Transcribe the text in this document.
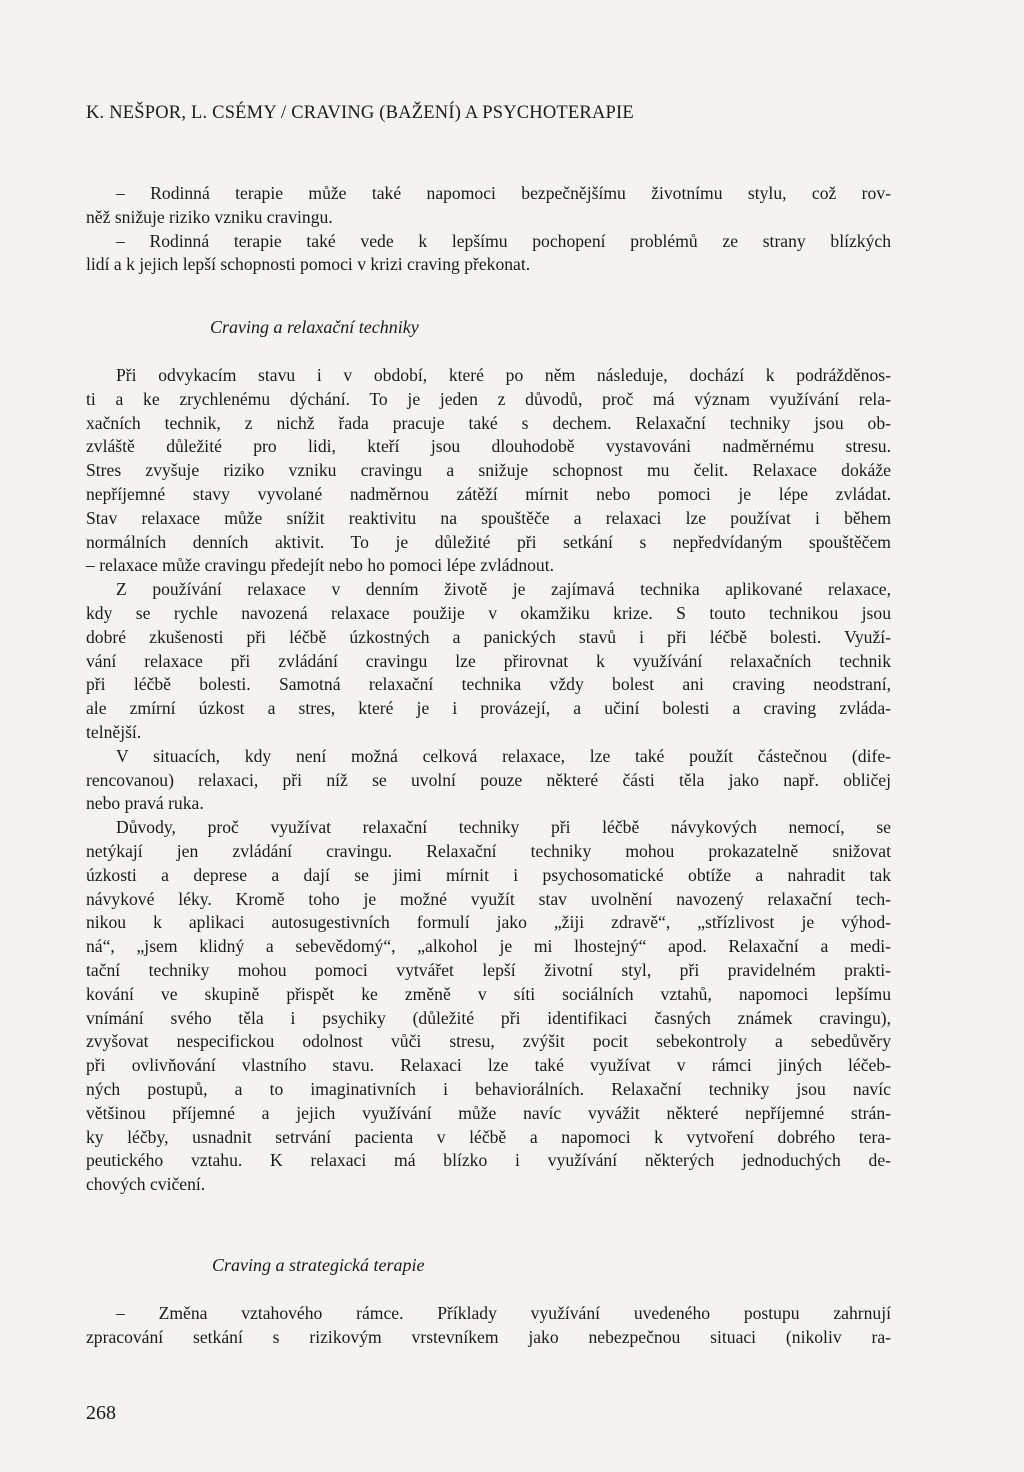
K. NEŠPOR, L. CSÉMY / CRAVING (BAŽENÍ) A PSYCHOTERAPIE
– Rodinná terapie může také napomoci bezpečnějšímu životnímu stylu, což rov-
něž snižuje riziko vzniku cravingu.
– Rodinná terapie také vede k lepšímu pochopení problémů ze strany blízkých
lidí a k jejich lepší schopnosti pomoci v krizi craving překonat.
Craving a relaxační techniky
Při odvykacím stavu i v období, které po něm následuje, dochází k podrážděnos-
ti a ke zrychlenému dýchání. To je jeden z důvodů, proč má význam využívání rela-
xačních technik, z nichž řada pracuje také s dechem. Relaxační techniky jsou ob-
zvláště důležité pro lidi, kteří jsou dlouhodobě vystavováni nadměrnému stresu.
Stres zvyšuje riziko vzniku cravingu a snižuje schopnost mu čelit. Relaxace dokáže
nepříjemné stavy vyvolané nadměrnou zátěží mírnit nebo pomoci je lépe zvládat.
Stav relaxace může snížit reaktivitu na spouštěče a relaxaci lze používat i během
normálních denních aktivit. To je důležité při setkání s nepředvídaným spouštěčem
– relaxace může cravingu předejít nebo ho pomoci lépe zvládnout.
Z používání relaxace v denním životě je zajímavá technika aplikované relaxace,
kdy se rychle navozená relaxace použije v okamžiku krize. S touto technikou jsou
dobré zkušenosti při léčbě úzkostných a panických stavů i při léčbě bolesti. Využí-
vání relaxace při zvládání cravingu lze přirovnat k využívání relaxačních technik
při léčbě bolesti. Samotná relaxační technika vždy bolest ani craving neodstraní,
ale zmírní úzkost a stres, které je i provázejí, a učiní bolesti a craving zvláda-
telnější.
V situacích, kdy není možná celková relaxace, lze také použít částečnou (dife-
rencovanou) relaxaci, při níž se uvolní pouze některé části těla jako např. obličej
nebo pravá ruka.
Důvody, proč využívat relaxační techniky při léčbě návykových nemocí, se
netýkají jen zvládání cravingu. Relaxační techniky mohou prokazatelně snižovat
úzkosti a deprese a dají se jimi mírnit i psychosomatické obtíže a nahradit tak
návykové léky. Kromě toho je možné využít stav uvolnění navozený relaxační tech-
nikou k aplikaci autosugestivních formulí jako „žiji zdravě“, „střízlivost je výhod-
ná“, „jsem klidný a sebevědomý“, „alkohol je mi lhostejný“ apod. Relaxační a medi-
tační techniky mohou pomoci vytvářet lepší životní styl, při pravidelném prakti-
kování ve skupině přispět ke změně v síti sociálních vztahů, napomoci lepšímu
vnímání svého těla i psychiky (důležité při identifikaci časných známek cravingu),
zvyšovat nespecifickou odolnost vůči stresu, zvýšit pocit sebekontroly a sebedůvěry
při ovlivňování vlastního stavu. Relaxaci lze také využívat v rámci jiných léčeb-
ných postupů, a to imaginativních i behaviorálních. Relaxační techniky jsou navíc
většinou příjemné a jejich využívání může navíc vyvážit některé nepříjemné strán-
ky léčby, usnadnit setrvání pacienta v léčbě a napomoci k vytvoření dobrého tera-
peutického vztahu. K relaxaci má blízko i využívání některých jednoduchých de-
chových cvičení.
Craving a strategická terapie
– Změna vztahového rámce. Příklady využívání uvedeného postupu zahrnují
zpracování setkání s rizikovým vrstevníkem jako nebezpečnou situaci (nikoliv ra-

268
